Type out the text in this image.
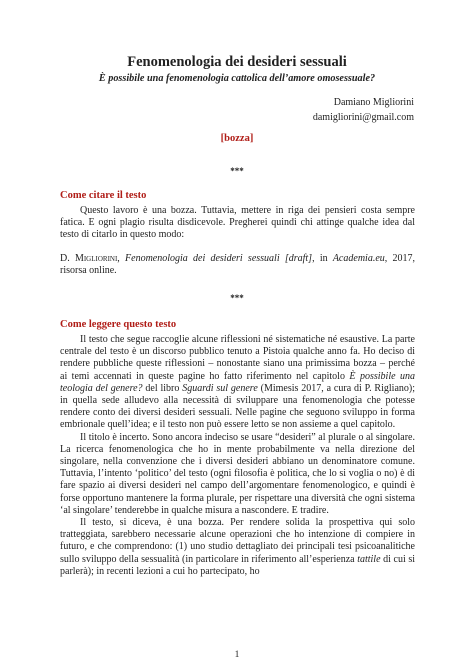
Fenomenologia dei desideri sessuali
È possibile una fenomenologia cattolica dell’amore omosessuale?
Damiano Migliorini
damigliorini@gmail.com
[bozza]
***
Come citare il testo

Questo lavoro è una bozza. Tuttavia, mettere in riga dei pensieri costa sempre fatica. E ogni plagio risulta disdicevole. Pregherei quindi chi attinge qualche idea dal testo di citarlo in questo modo:

D. Migliorini, Fenomenologia dei desideri sessuali [draft], in Academia.eu, 2017, risorsa online.
***
Come leggere questo testo

Il testo che segue raccoglie alcune riflessioni né sistematiche né esaustive. La parte centrale del testo è un discorso pubblico tenuto a Pistoia qualche anno fa. Ho deciso di rendere pubbliche queste riflessioni – nonostante siano una primissima bozza – perché ai temi accennati in queste pagine ho fatto riferimento nel capitolo È possibile una teologia del genere? del libro Sguardi sul genere (Mimesis 2017, a cura di P. Rigliano); in quella sede alludevo alla necessità di sviluppare una fenomenologia che potesse rendere conto dei diversi desideri sessuali. Nelle pagine che seguono sviluppo in forma embrionale quell’idea; e il testo non può essere letto se non assieme a quel capitolo.

Il titolo è incerto. Sono ancora indeciso se usare “desideri” al plurale o al singolare. La ricerca fenomenologica che ho in mente probabilmente va nella direzione del singolare, nella convenzione che i diversi desideri abbiano un denominatore comune. Tuttavia, l’intento ‘politico’ del testo (ogni filosofia è politica, che lo si voglia o no) è di fare spazio ai diversi desideri nel campo dell’argomentare fenomenologico, e quindi è forse opportuno mantenere la forma plurale, per rispettare una diversità che ogni sistema ‘al singolare’ tenderebbe in qualche misura a nascondere. E tradire.

Il testo, si diceva, è una bozza. Per rendere solida la prospettiva qui solo tratteggiata, sarebbero necessarie alcune operazioni che ho intenzione di compiere in futuro, e che comprendono: (1) uno studio dettagliato dei principali tesi psicoanalitiche sullo sviluppo della sessualità (in particolare in riferimento all’esperienza tattile di cui si parlerà); in recenti lezioni a cui ho partecipato, ho

1
